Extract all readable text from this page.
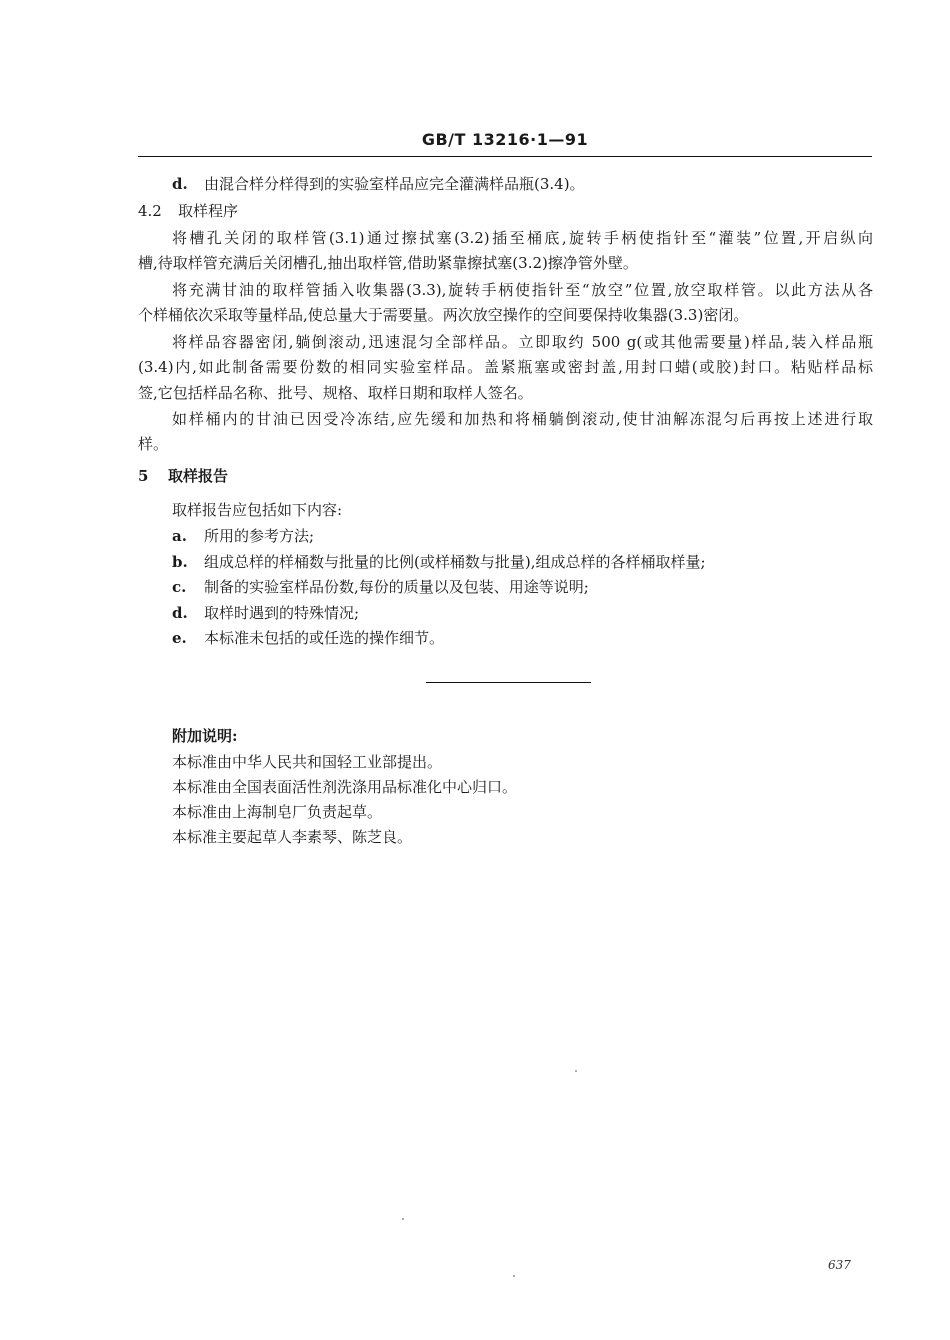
GB/T 13216·1—91
d. 由混合样分样得到的实验室样品应完全灌满样品瓶(3.4)。
4.2 取样程序
将槽孔关闭的取样管(3.1)通过擦拭塞(3.2)插至桶底,旋转手柄使指针至“灌装”位置,开启纵向
槽,待取样管充满后关闭槽孔,抽出取样管,借助紧靠擦拭塞(3.2)擦净管外壁。
将充满甘油的取样管插入收集器(3.3),旋转手柄使指针至“放空”位置,放空取样管。以此方法从各
个样桶依次采取等量样品,使总量大于需要量。两次放空操作的空间要保持收集器(3.3)密闭。
将样品容器密闭,躺倒滚动,迅速混匀全部样品。立即取约 500 g(或其他需要量)样品,装入样品瓶
(3.4)内,如此制备需要份数的相同实验室样品。盖紧瓶塞或密封盖,用封口蜡(或胶)封口。粘贴样品标
签,它包括样品名称、批号、规格、取样日期和取样人签名。
如样桶内的甘油已因受冷冻结,应先缓和加热和将桶躺倒滚动,使甘油解冻混匀后再按上述进行取
样。
5 取样报告
取样报告应包括如下内容:
a. 所用的参考方法;
b. 组成总样的样桶数与批量的比例(或样桶数与批量),组成总样的各样桶取样量;
c. 制备的实验室样品份数,每份的质量以及包装、用途等说明;
d. 取样时遇到的特殊情况;
e. 本标准未包括的或任选的操作细节。
附加说明:
本标准由中华人民共和国轻工业部提出。
本标准由全国表面活性剂洗涤用品标准化中心归口。
本标准由上海制皂厂负责起草。
本标准主要起草人李素琴、陈芝良。
637
